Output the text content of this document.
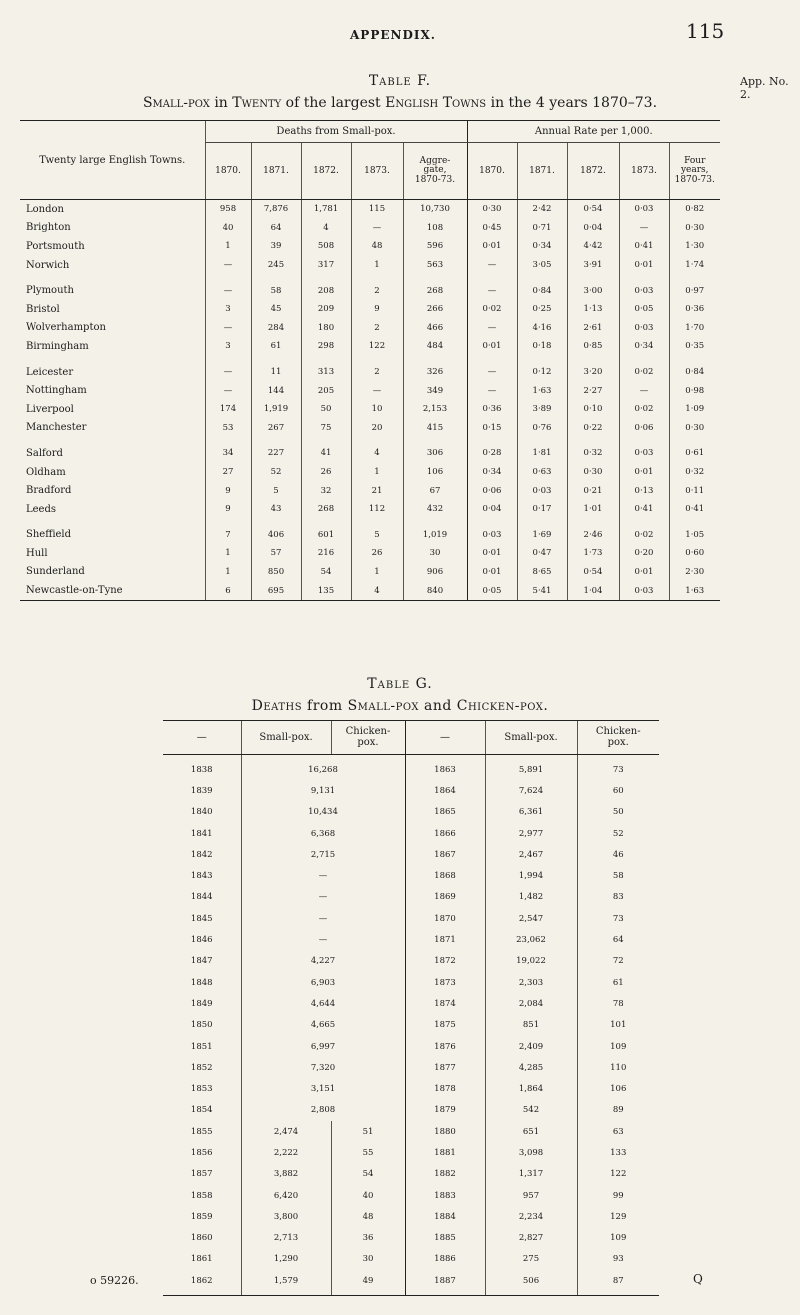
APPENDIX.	115
App. No. 2.
Table F.
Small-pox in Twenty of the largest English Towns in the 4 years 1870–73.
Twenty large English Towns.	Deaths from Small-pox.					Annual Rate per 1,000.				
	1870.	1871.	1872.	1873.	Aggre-
gate,
1870-73.	1870.	1871.	1872.	1873.	Four
years,
1870-73.
London	958	7,876	1,781	115	10,730	0·30	2·42	0·54	0·03	0·82
Brighton	40	64	4	—	108	0·45	0·71	0·04	—	0·30
Portsmouth	1	39	508	48	596	0·01	0·34	4·42	0·41	1·30
Norwich	—	245	317	1	563	—	3·05	3·91	0·01	1·74
Plymouth	—	58	208	2	268	—	0·84	3·00	0·03	0·97
Bristol	3	45	209	9	266	0·02	0·25	1·13	0·05	0·36
Wolverhampton	—	284	180	2	466	—	4·16	2·61	0·03	1·70
Birmingham	3	61	298	122	484	0·01	0·18	0·85	0·34	0·35
Leicester	—	11	313	2	326	—	0·12	3·20	0·02	0·84
Nottingham	—	144	205	—	349	—	1·63	2·27	—	0·98
Liverpool	174	1,919	50	10	2,153	0·36	3·89	0·10	0·02	1·09
Manchester	53	267	75	20	415	0·15	0·76	0·22	0·06	0·30
Salford	34	227	41	4	306	0·28	1·81	0·32	0·03	0·61
Oldham	27	52	26	1	106	0·34	0·63	0·30	0·01	0·32
Bradford	9	5	32	21	67	0·06	0·03	0·21	0·13	0·11
Leeds	9	43	268	112	432	0·04	0·17	1·01	0·41	0·41
Sheffield	7	406	601	5	1,019	0·03	1·69	2·46	0·02	1·05
Hull	1	57	216	26	30	0·01	0·47	1·73	0·20	0·60
Sunderland	1	850	54	1	906	0·01	8·65	0·54	0·01	2·30
Newcastle-on-Tyne	6	695	135	4	840	0·05	5·41	1·04	0·03	1·63
Table G.
Deaths from Small-pox and Chicken-pox.
—	Small-pox.	Chicken-
pox.	—	Small-pox.	Chicken-
pox.
1838	16,268		1863	5,891	73
1839	9,131		1864	7,624	60
1840	10,434		1865	6,361	50
1841	6,368		1866	2,977	52
1842	2,715		1867	2,467	46
1843	—		1868	1,994	58
1844	—		1869	1,482	83
1845	—		1870	2,547	73
1846	—		1871	23,062	64
1847	4,227		1872	19,022	72
1848	6,903		1873	2,303	61
1849	4,644		1874	2,084	78
1850	4,665		1875	851	101
1851	6,997		1876	2,409	109
1852	7,320		1877	4,285	110
1853	3,151		1878	1,864	106
1854	2,808		1879	542	89
1855	2,474	51	1880	651	63
1856	2,222	55	1881	3,098	133
1857	3,882	54	1882	1,317	122
1858	6,420	40	1883	957	99
1859	3,800	48	1884	2,234	129
1860	2,713	36	1885	2,827	109
1861	1,290	30	1886	275	93
1862	1,579	49	1887	506	87
o 59226.	Q
